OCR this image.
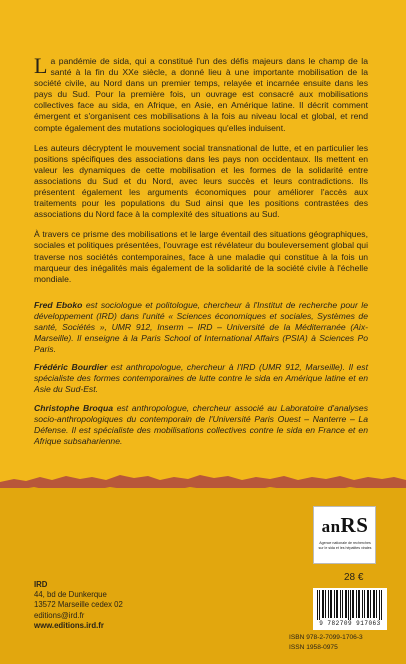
La pandémie de sida, qui a constitué l'un des défis majeurs dans le champ de la santé à la fin du XXe siècle, a donné lieu à une importante mobilisation de la société civile, au Nord dans un premier temps, relayée et incarnée ensuite dans les pays du Sud. Pour la première fois, un ouvrage est consacré aux mobilisations collectives face au sida, en Afrique, en Asie, en Amérique latine. Il décrit comment émergent et s'organisent ces mobilisations à la fois au niveau local et global, et rend compte également des mutations sociologiques qu'elles induisent.

Les auteurs décryptent le mouvement social transnational de lutte, et en particulier les positions spécifiques des associations dans les pays non occidentaux. Ils mettent en valeur les dynamiques de cette mobilisation et les formes de la solidarité entre associations du Sud et du Nord, avec leurs succès et leurs contradictions. Ils présentent également les arguments économiques pour améliorer l'accès aux traitements pour les populations du Sud ainsi que les positions contrastées des associations du Nord face à la complexité des situations au Sud.

À travers ce prisme des mobilisations et le large éventail des situations géographiques, sociales et politiques présentées, l'ouvrage est révélateur du bouleversement global qui traverse nos sociétés contemporaines, face à une maladie qui constitue à la fois un marqueur des inégalités mais également de la solidarité de la société civile à l'échelle mondiale.

Fred Eboko est sociologue et politologue, chercheur à l'Institut de recherche pour le développement (IRD) dans l'unité « Sciences économiques et sociales, Systèmes de santé, Sociétés », UMR 912, Inserm – IRD – Université de la Méditerranée (Aix-Marseille). Il enseigne à la Paris School of International Affairs (PSIA) à Sciences Po Paris.

Frédéric Bourdier est anthropologue, chercheur à l'IRD (UMR 912, Marseille). Il est spécialiste des formes contemporaines de lutte contre le sida en Amérique latine et en Asie du Sud-Est.

Christophe Broqua est anthropologue, chercheur associé au Laboratoire d'analyses socio-anthropologiques du contemporain de l'Université Paris Ouest – Nanterre – La Défense. Il est spécialiste des mobilisations collectives contre le sida en France et en Afrique subsaharienne.

anRS
Agence nationale de recherches sur le sida et les hépatites virales
28 €
9 782709 917063
ISBN 978-2-7099-1706-3
ISSN 1958-0975
IRD
44, bd de Dunkerque
13572 Marseille cedex 02
editions@ird.fr
www.editions.ird.fr
